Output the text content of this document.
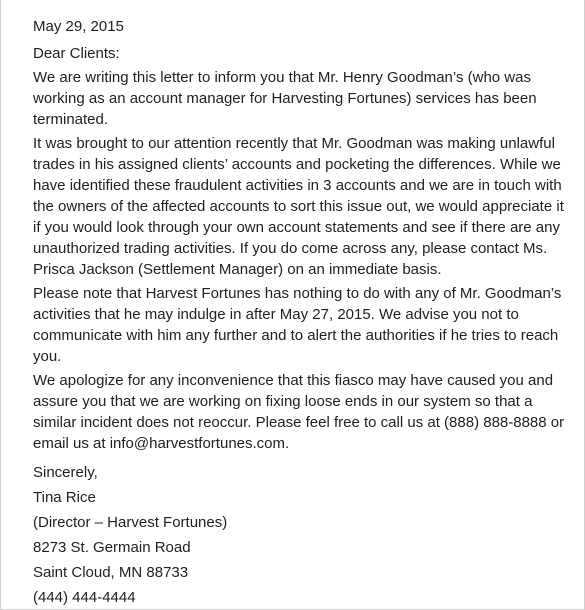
May 29, 2015

Dear Clients:

We are writing this letter to inform you that Mr. Henry Goodman’s (who was

working as an account manager for Harvesting Fortunes) services has been

terminated.

It was brought to our attention recently that Mr. Goodman was making unlawful

trades in his assigned clients’ accounts and pocketing the differences. While we

have identified these fraudulent activities in 3 accounts and we are in touch with

the owners of the affected accounts to sort this issue out, we would appreciate it

if you would look through your own account statements and see if there are any

unauthorized trading activities. If you do come across any, please contact Ms.

Prisca Jackson (Settlement Manager) on an immediate basis.

Please note that Harvest Fortunes has nothing to do with any of Mr. Goodman’s

activities that he may indulge in after May 27, 2015. We advise you not to

communicate with him any further and to alert the authorities if he tries to reach

you.

We apologize for any inconvenience that this fiasco may have caused you and

assure you that we are working on fixing loose ends in our system so that a

similar incident does not reoccur. Please feel free to call us at (888) 888-8888 or

email us at info@harvestfortunes.com.

Sincerely,

Tina Rice

(Director – Harvest Fortunes)

8273 St. Germain Road

Saint Cloud, MN 88733

(444) 444-4444
